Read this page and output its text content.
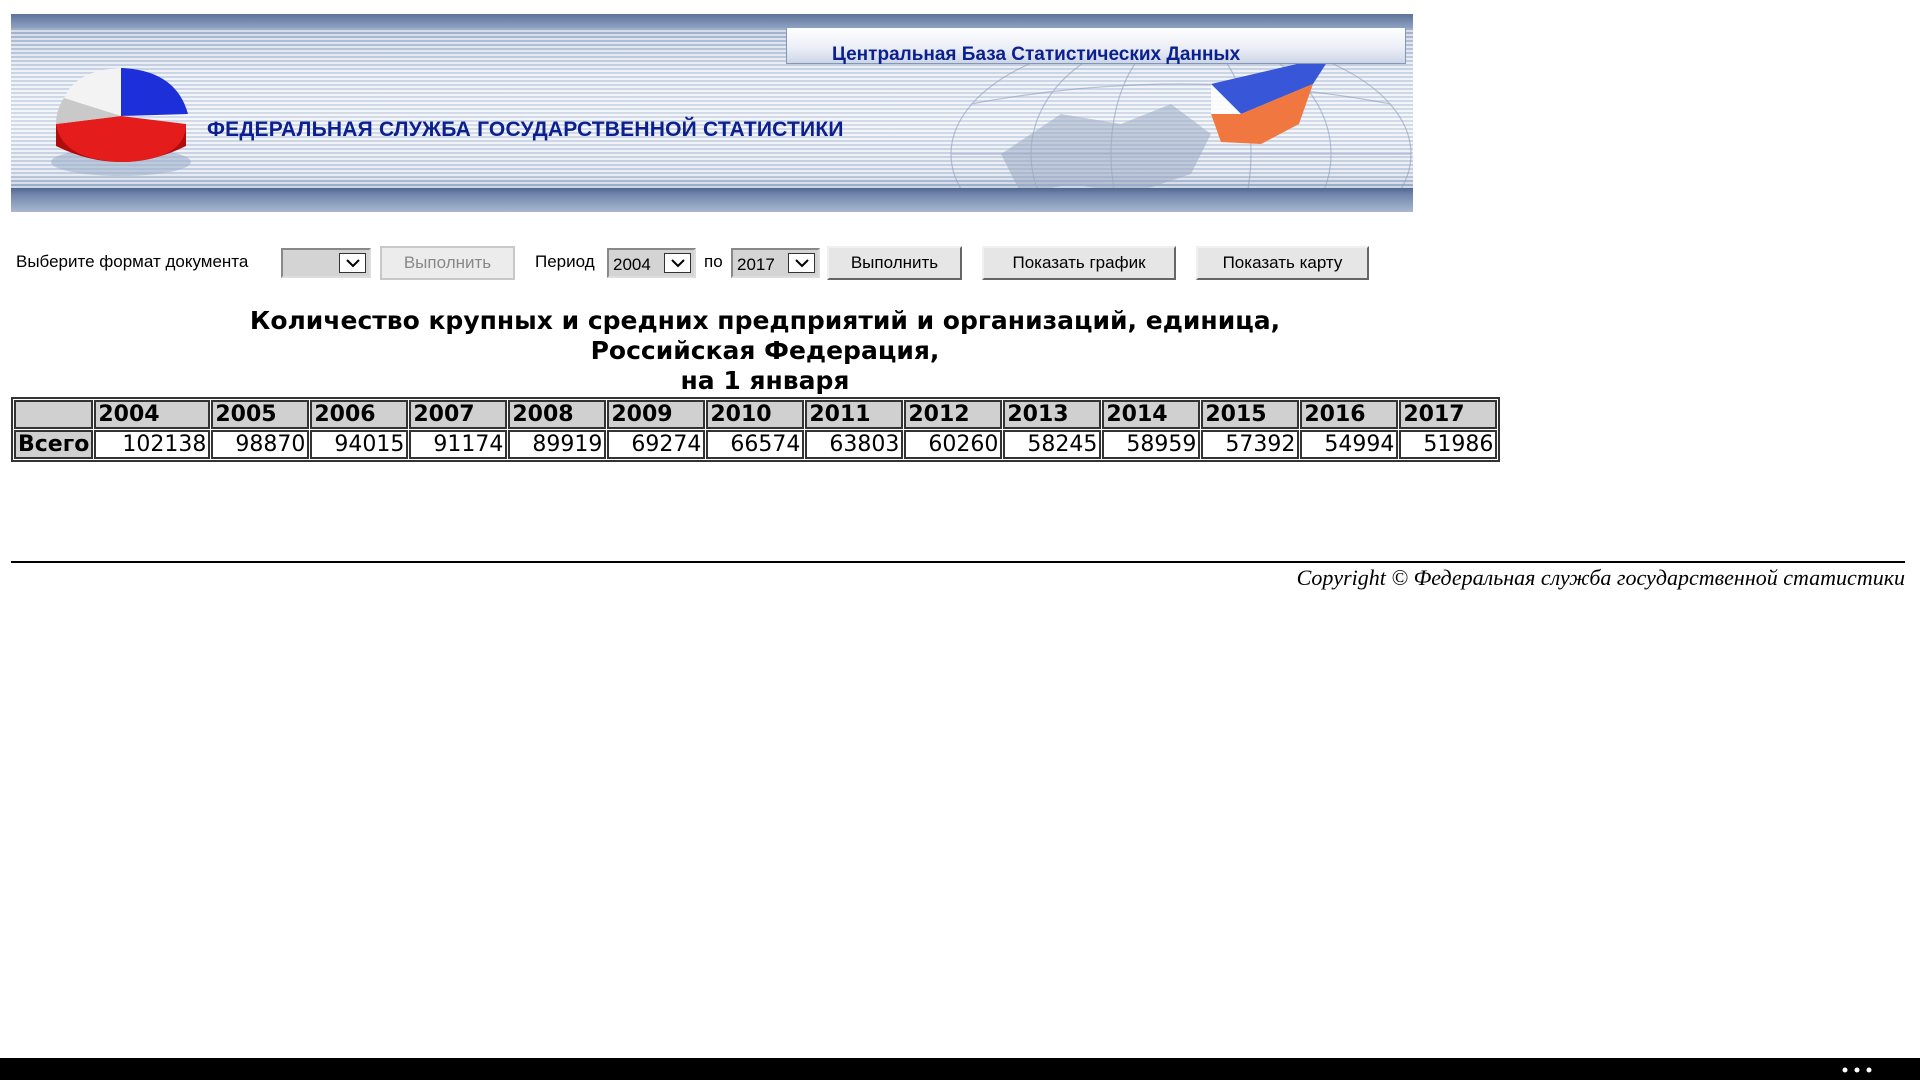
ФЕДЕРАЛЬНАЯ СЛУЖБА ГОСУДАРСТВЕННОЙ СТАТИСТИКИ
Центральная База Статистических Данных
Выберите формат документа	Выполнить	Период 2004	по 2017	Выполнить	Показать график	Показать карту
Количество крупных и средних предприятий и организаций, единица,
Российская Федерация,
на 1 января
	2004	2005	2006	2007	2008	2009	2010	2011	2012	2013	2014	2015	2016	2017
Всего	102138	98870	94015	91174	89919	69274	66574	63803	60260	58245	58959	57392	54994	51986
Copyright © Федеральная служба государственной статистики
